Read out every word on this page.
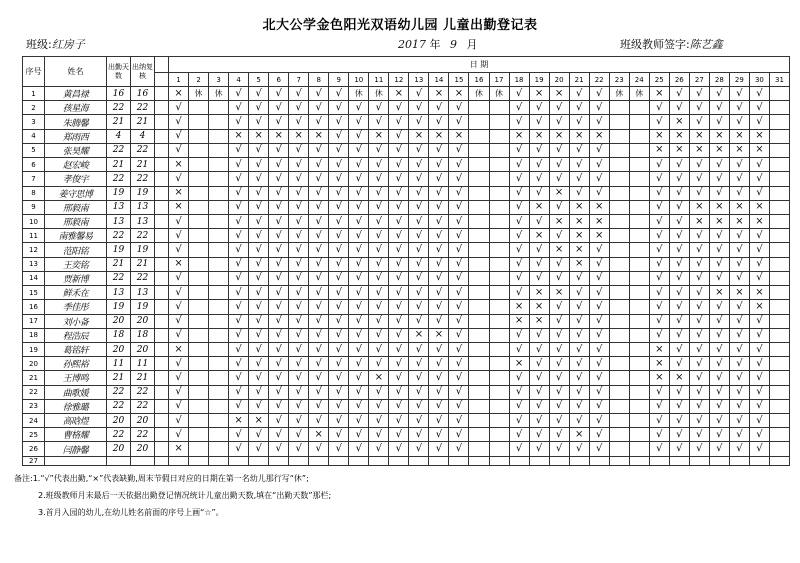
北大公学金色阳光双语幼儿园 儿童出勤登记表
班级:红房子	2017 年 9 月	班级教师签字:陈艺鑫
序号	姓名	出勤天数	出纳复核		日 期																														
					1	2	3	4	5	6	7	8	9	10	11	12	13	14	15	16	17	18	19	20	21	22	23	24	25	26	27	28	29	30	31
1	黄昌禄	16	16		×	休	休	√	√	√	√	√	√	休	休	×	√	×	×	休	休	√	×	×	√	√	休	休	×	√	√	√	√	√	
2	孩星海	22	22		√			√	√	√	√	√	√	√	√	√	√	√	√			√	√	√	√	√			√	√	√	√	√	√	
3	朱腾馨	21	21		√			√	√	√	√	√	√	√	√	√	√	√	√			√	√	√	√	√			√	×	√	√	√	√	
4	郑雨西	4	4		√			×	×	×	×	×	√	√	×	√	×	×	×			×	×	×	×	×			×	×	×	×	×	×	
5	张昊耀	22	22		√			√	√	√	√	√	√	√	√	√	√	√	√			√	√	√	√	√			×	×	×	×	×	×	
6	赵宏峻	21	21		×			√	√	√	√	√	√	√	√	√	√	√	√			√	√	√	√	√			√	√	√	√	√	√	
7	孝俊宇	22	22		√			√	√	√	√	√	√	√	√	√	√	√	√			√	√	√	√	√			√	√	√	√	√	√	
8	姜守思博	19	19		×			√	√	√	√	√	√	√	√	√	√	√	√			√	√	×	√	√			√	√	√	√	√	√	
9	邢毅南	13	13		×			√	√	√	√	√	√	√	√	√	√	√	√			√	×	√	×	×			√	√	×	×	×	×	
10	邢毅南	13	13		√			√	√	√	√	√	√	√	√	√	√	√	√			√	√	×	×	×			√	√	×	×	×	×	
11	南雅馨易	22	22		√			√	√	√	√	√	√	√	√	√	√	√	√			√	×	√	×	×			√	√	√	√	√	√	
12	范阳铭	19	19		√			√	√	√	√	√	√	√	√	√	√	√	√			√	√	×	×	√			√	√	√	√	√	√	
13	王奕铭	21	21		×			√	√	√	√	√	√	√	√	√	√	√	√			√	√	√	×	√			√	√	√	√	√	√	
14	贾新博	22	22		√			√	√	√	√	√	√	√	√	√	√	√	√			√	√	√	√	√			√	√	√	√	√	√	
15	鲜禾在	13	13		√			√	√	√	√	√	√	√	√	√	√	√	√			√	×	×	√	√			√	√	√	×	×	×	
16	季佳彤	19	19		√			√	√	√	√	√	√	√	√	√	√	√	√			×	×	√	√	√			√	√	√	√	√	×	
17	刘小备	20	20		√			√	√	√	√	√	√	√	√	√	√	√	√			×	×	√	√	√			√	√	√	√	√	√	
18	程浩辰	18	18		√			√	√	√	√	√	√	√	√	√	×	×	√			√	√	√	√	√			√	√	√	√	√	√	
19	葛铭轩	20	20		×			√	√	√	√	√	√	√	√	√	√	√	√			√	√	√	√	√			×	√	√	√	√	√	
20	孙熙裕	11	11		√			√	√	√	√	√	√	√	√	√	√	√	√			×	√	√	√	√			×	√	√	√	√	√	
21	王博鸣	21	21		√			√	√	√	√	√	√	√	×	√	√	√	√			√	√	√	√	√			×	×	√	√	√	√	
22	曲歌媛	22	22		√			√	√	√	√	√	√	√	√	√	√	√	√			√	√	√	√	√			√	√	√	√	√	√	
23	徐雅璐	22	22		√			√	√	√	√	√	√	√	√	√	√	√	√			√	√	√	√	√			√	√	√	√	√	√	
24	高晗煜	20	20		√			×	×	√	√	√	√	√	√	√	√	√	√			√	√	√	√	√			√	√	√	√	√	√	
25	曹格耀	22	22		√			√	√	√	√	×	√	√	√	√	√	√	√			√	√	√	×	√			√	√	√	√	√	√	
26	闫静馨	20	20		×			√	√	√	√	√	√	√	√	√	√	√	√			√	√	√	√	√			√	√	√	√	√	√	
27																																			
备注:1.“√”代表出勤,“×”代表缺勤,周末节假日对应的日期在第一名幼儿那行写“休”;
2.班级教师月末最后一天依据出勤登记情况统计儿童出勤天数,填在“出勤天数”那栏;
3.首月入园的幼儿,在幼儿姓名前面的序号上画“☆”。
